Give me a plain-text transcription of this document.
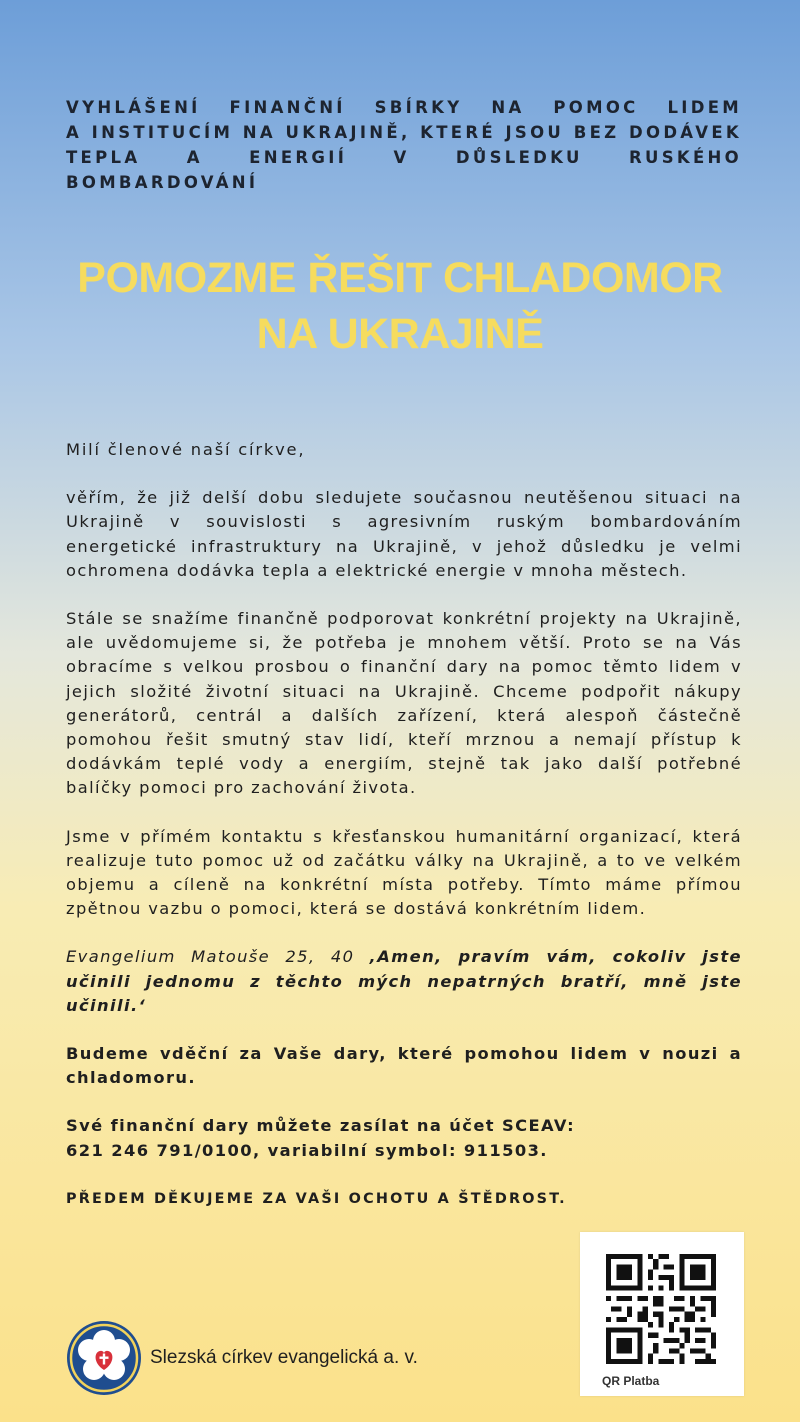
VYHLÁŠENÍ FINANČNÍ SBÍRKY NA POMOC LIDEM
A INSTITUCÍM NA UKRAJINĚ, KTERÉ JSOU BEZ DODÁVEK
TEPLA A ENERGIÍ V DŮSLEDKU RUSKÉHO BOMBARDOVÁNÍ
POMOZME ŘEŠIT CHLADOMOR
NA UKRAJINĚ

Milí členové naší církve,

věřím, že již delší dobu sledujete současnou neutěšenou situaci na Ukrajině v souvislosti s agresivním ruským bombardováním energetické infrastruktury na Ukrajině, v jehož důsledku je velmi ochromena dodávka tepla a elektrické energie v mnoha městech.

Stále se snažíme finančně podporovat konkrétní projekty na Ukrajině, ale uvědomujeme si, že potřeba je mnohem větší. Proto se na Vás obracíme s velkou prosbou o finanční dary na pomoc těmto lidem v jejich složité životní situaci na Ukrajině. Chceme podpořit nákupy generátorů, centrál a dalších zařízení, která alespoň částečně pomohou řešit smutný stav lidí, kteří mrznou a nemají přístup k dodávkám teplé vody a energiím, stejně tak jako další potřebné balíčky pomoci pro zachování života.

Jsme v přímém kontaktu s křesťanskou humanitární organizací, která realizuje tuto pomoc už od začátku války na Ukrajině, a to ve velkém objemu a cíleně na konkrétní místa potřeby. Tímto máme přímou zpětnou vazbu o pomoci, která se dostává konkrétním lidem.

Evangelium Matouše 25, 40 ‚Amen, pravím vám, cokoliv jste učinili jednomu z těchto mých nepatrných bratří, mně jste učinili.‘

Budeme vděční za Vaše dary, které pomohou lidem v nouzi a chladomoru.

Své finanční dary můžete zasílat na účet SCEAV:
621 246 791/0100, variabilní symbol: 911503.

PŘEDEM DĚKUJEME ZA VAŠI OCHOTU A ŠTĚDROST.

Slezská církev evangelická a. v.
QR Platba
